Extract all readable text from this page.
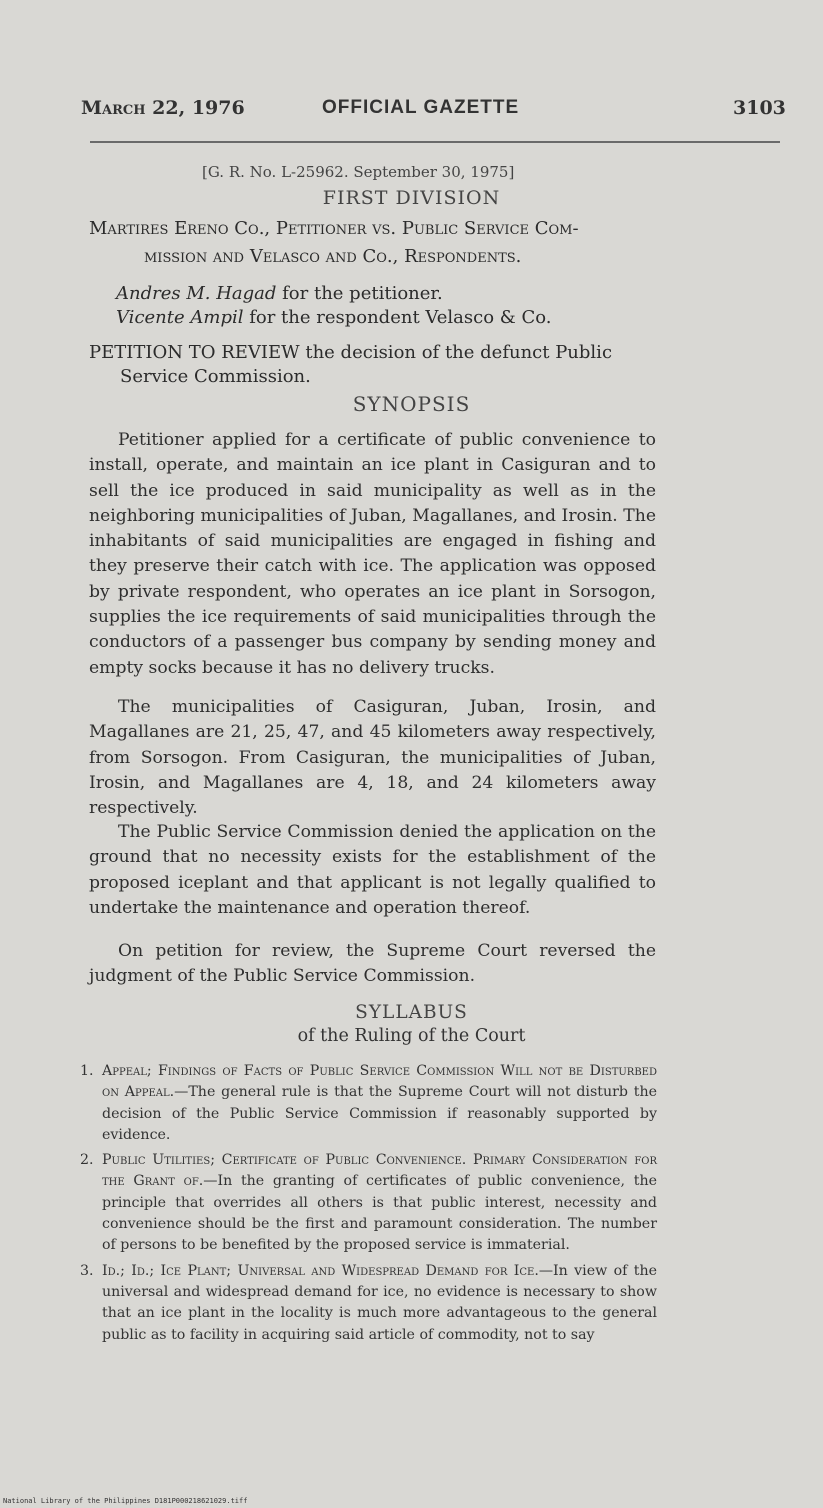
March 22, 1976	OFFICIAL GAZETTE	3103
[G. R. No. L-25962. September 30, 1975]
FIRST DIVISION
Martires Ereno Co., Petitioner vs. Public Service Com-
mission and Velasco and Co., Respondents.
Andres M. Hagad for the petitioner.
Vicente Ampil for the respondent Velasco & Co.
PETITION TO REVIEW the decision of the defunct Public
Service Commission.
SYNOPSIS
Petitioner applied for a certificate of public convenience to install, operate, and maintain an ice plant in Casiguran and to sell the ice produced in said municipality as well as in the neighboring municipalities of Juban, Magallanes, and Irosin. The inhabitants of said municipalities are engaged in fishing and they preserve their catch with ice. The application was opposed by private respondent, who operates an ice plant in Sorsogon, supplies the ice requirements of said municipalities through the conductors of a passenger bus company by sending money and empty socks because it has no delivery trucks.
The municipalities of Casiguran, Juban, Irosin, and Magallanes are 21, 25, 47, and 45 kilometers away respectively, from Sorsogon. From Casiguran, the municipalities of Juban, Irosin, and Magallanes are 4, 18, and 24 kilometers away respectively.
The Public Service Commission denied the application on the ground that no necessity exists for the establishment of the proposed iceplant and that applicant is not legally qualified to undertake the maintenance and operation thereof.
On petition for review, the Supreme Court reversed the judgment of the Public Service Commission.
SYLLABUS
of the Ruling of the Court
1. Appeal; Findings of Facts of Public Service Commission Will not be Disturbed on Appeal.—The general rule is that the Supreme Court will not disturb the decision of the Public Service Commission if reasonably supported by evidence.
2. Public Utilities; Certificate of Public Convenience. Primary Consideration for the Grant of.—In the granting of certificates of public convenience, the principle that overrides all others is that public interest, necessity and convenience should be the first and paramount consideration. The number of persons to be benefited by the proposed service is immaterial.
3. Id.; Id.; Ice Plant; Universal and Widespread Demand for Ice.—In view of the universal and widespread demand for ice, no evidence is necessary to show that an ice plant in the locality is much more advantageous to the general public as to facility in acquiring said article of commodity, not to say
National Library of the Philippines D181P000218621029.tiff
